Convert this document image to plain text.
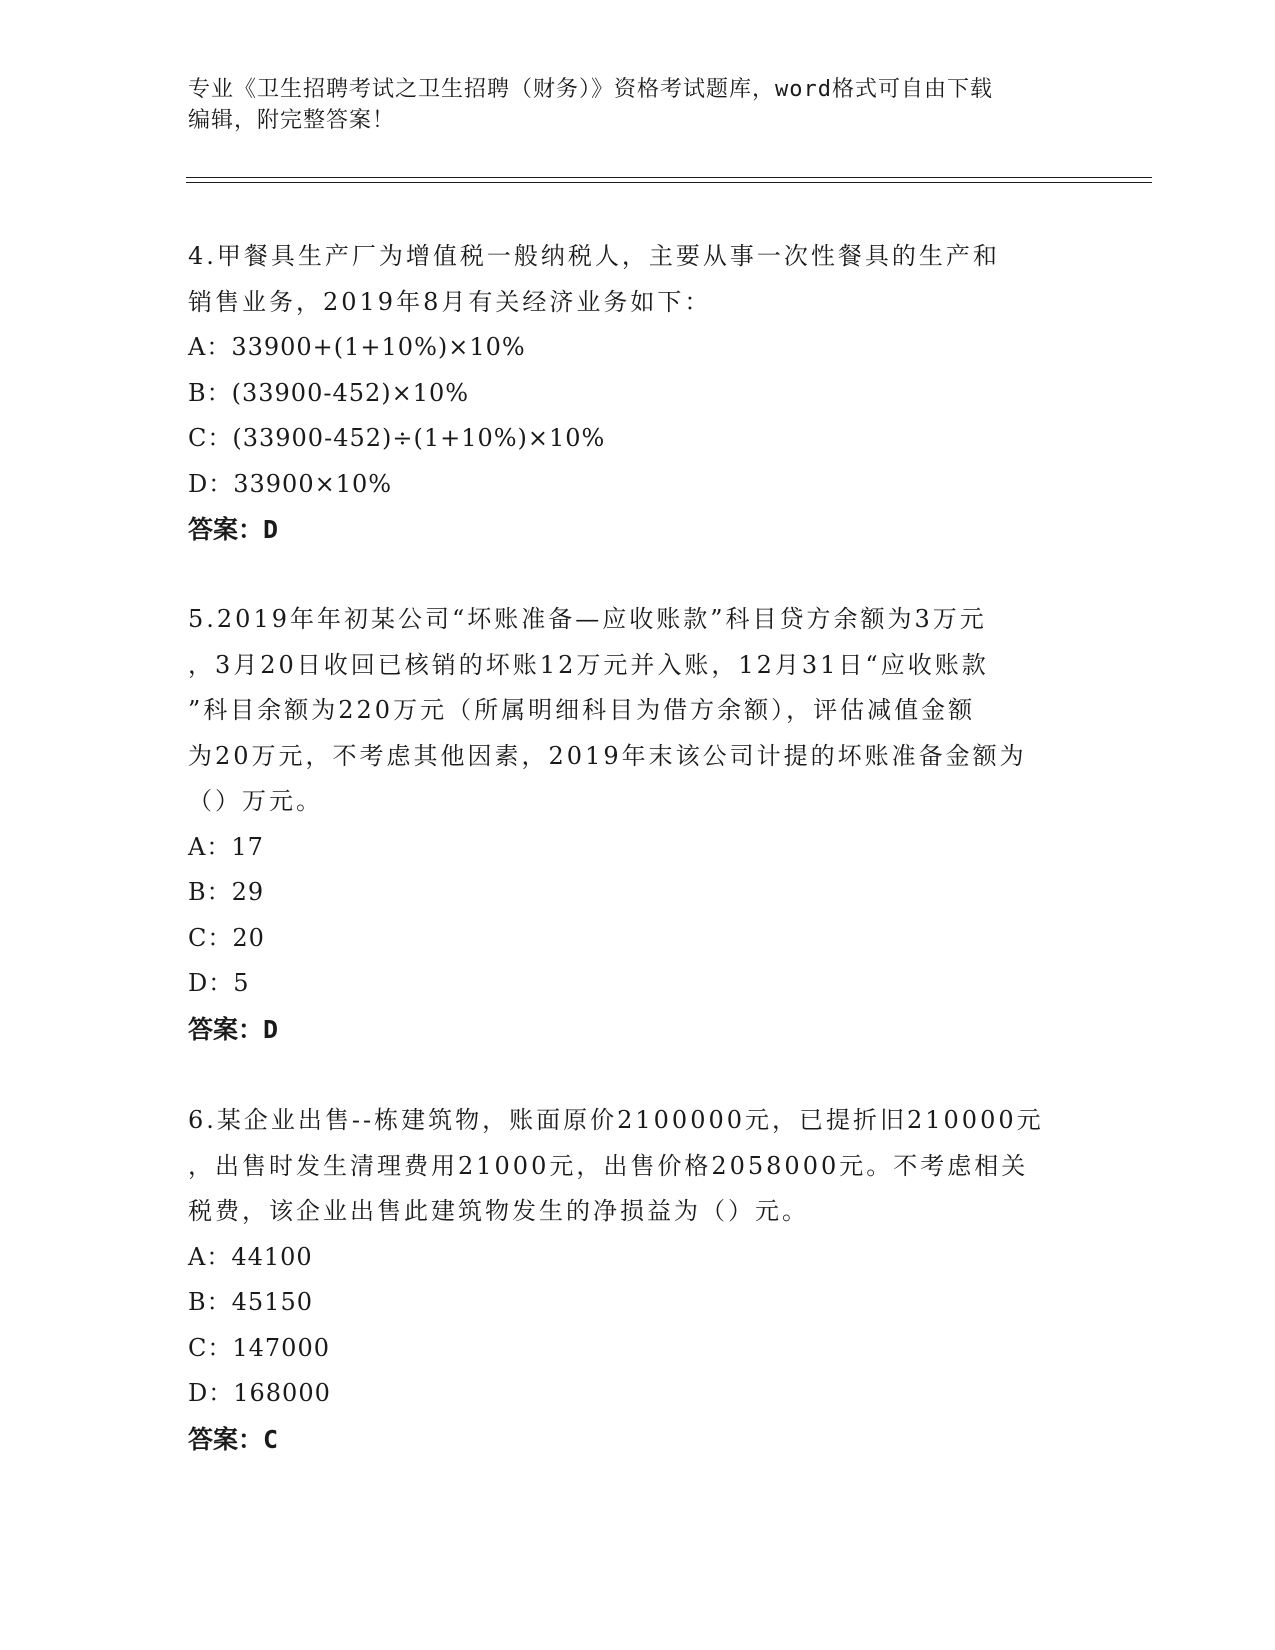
专业《卫生招聘考试之卫生招聘（财务）》资格考试题库，word格式可自由下载
编辑，附完整答案！

4.甲餐具生产厂为增值税一般纳税人，主要从事一次性餐具的生产和

销售业务，2019年8月有关经济业务如下：

A：33900+(1+10%)×10%

B：(33900-452)×10%

C：(33900-452)÷(1+10%)×10%

D：33900×10%

答案：D

5.2019年年初某公司“坏账准备—应收账款”科目贷方余额为3万元

，3月20日收回已核销的坏账12万元并入账，12月31日“应收账款

”科目余额为220万元（所属明细科目为借方余额），评估减值金额

为20万元，不考虑其他因素，2019年末该公司计提的坏账准备金额为

（）万元。

A：17

B：29

C：20

D：5

答案：D

6.某企业出售--栋建筑物，账面原价2100000元，已提折旧210000元

，出售时发生清理费用21000元，出售价格2058000元。不考虑相关

税费，该企业出售此建筑物发生的净损益为（）元。

A：44100

B：45150

C：147000

D：168000

答案：C
